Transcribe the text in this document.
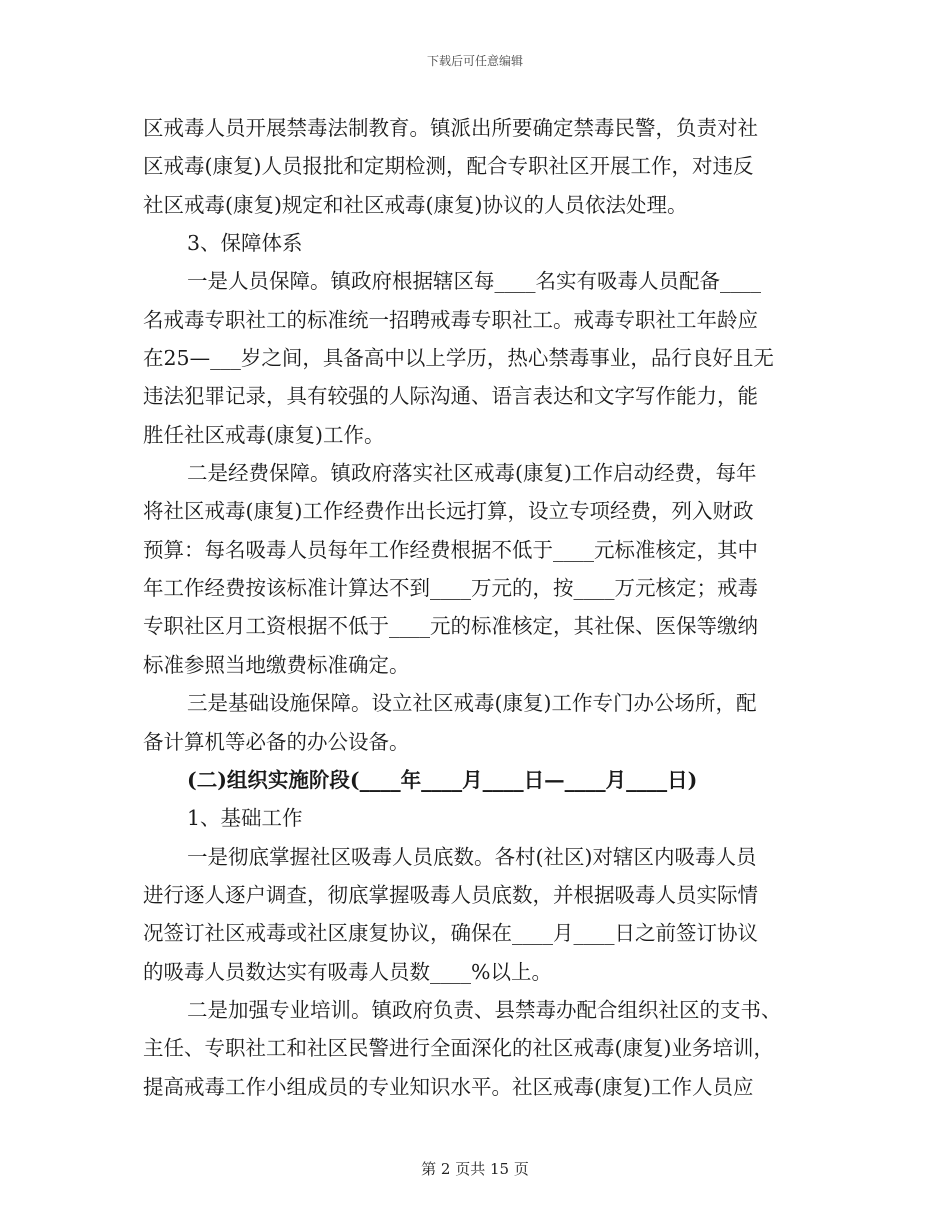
下载后可任意编辑
区戒毒人员开展禁毒法制教育。镇派出所要确定禁毒民警，负责对社
区戒毒(康复)人员报批和定期检测，配合专职社区开展工作，对违反
社区戒毒(康复)规定和社区戒毒(康复)协议的人员依法处理。
3、保障体系
一是人员保障。镇政府根据辖区每____名实有吸毒人员配备____
名戒毒专职社工的标准统一招聘戒毒专职社工。戒毒专职社工年龄应
在25—___岁之间，具备高中以上学历，热心禁毒事业，品行良好且无
违法犯罪记录，具有较强的人际沟通、语言表达和文字写作能力，能
胜任社区戒毒(康复)工作。
二是经费保障。镇政府落实社区戒毒(康复)工作启动经费，每年
将社区戒毒(康复)工作经费作出长远打算，设立专项经费，列入财政
预算：每名吸毒人员每年工作经费根据不低于____元标准核定，其中
年工作经费按该标准计算达不到____万元的，按____万元核定；戒毒
专职社区月工资根据不低于____元的标准核定，其社保、医保等缴纳
标准参照当地缴费标准确定。
三是基础设施保障。设立社区戒毒(康复)工作专门办公场所，配
备计算机等必备的办公设备。
(二)组织实施阶段(____年____月____日—____月____日)
1、基础工作
一是彻底掌握社区吸毒人员底数。各村(社区)对辖区内吸毒人员
进行逐人逐户调查，彻底掌握吸毒人员底数，并根据吸毒人员实际情
况签订社区戒毒或社区康复协议，确保在____月____日之前签订协议
的吸毒人员数达实有吸毒人员数____%以上。
二是加强专业培训。镇政府负责、县禁毒办配合组织社区的支书、
主任、专职社工和社区民警进行全面深化的社区戒毒(康复)业务培训，
提高戒毒工作小组成员的专业知识水平。社区戒毒(康复)工作人员应
第 2 页共 15 页
